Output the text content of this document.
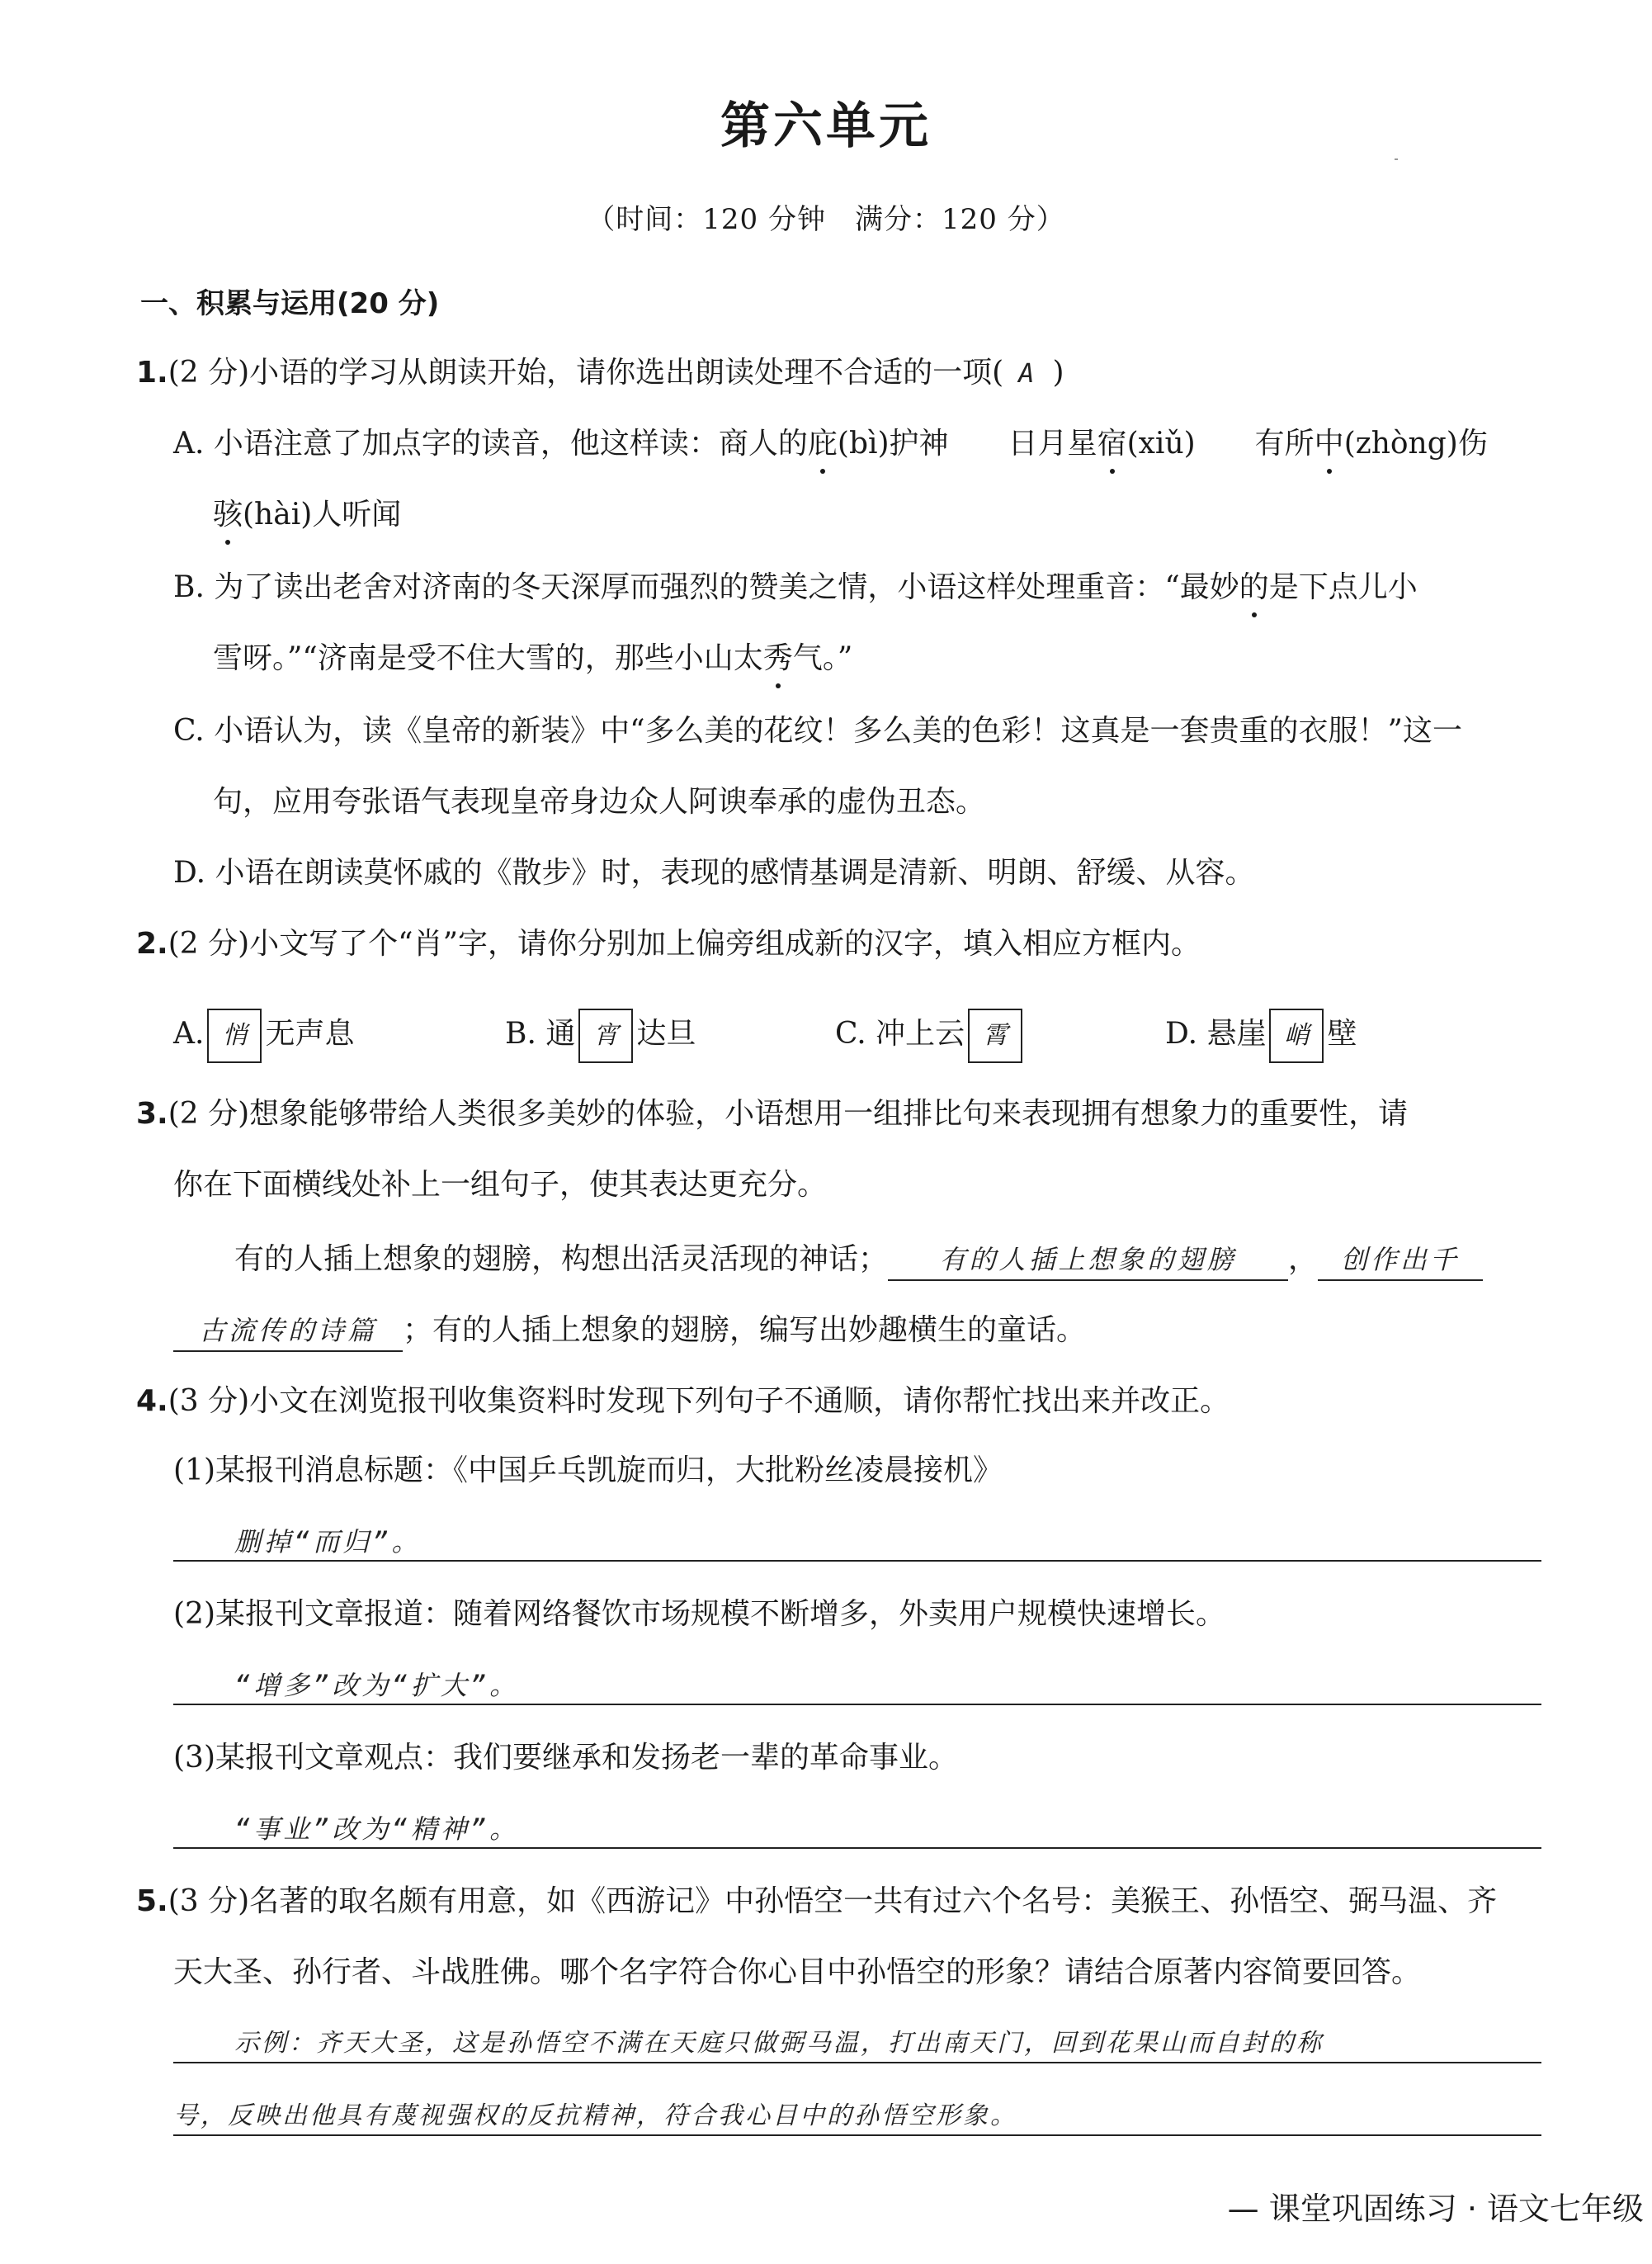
第六单元
（时间：120 分钟　满分：120 分）
一、积累与运用(20 分)
1.(2 分)小语的学习从朗读开始，请你选出朗读处理不合适的一项( A )
A. 小语注意了加点字的读音，他这样读：商人的庇(bì)护神　　日月星宿(xiǔ)　　有所中(zhòng)伤
骇(hài)人听闻
B. 为了读出老舍对济南的冬天深厚而强烈的赞美之情，小语这样处理重音：“最妙的是下点儿小
雪呀。”“济南是受不住大雪的，那些小山太秀气。”
C. 小语认为，读《皇帝的新装》中“多么美的花纹！多么美的色彩！这真是一套贵重的衣服！”这一
句，应用夸张语气表现皇帝身边众人阿谀奉承的虚伪丑态。
D. 小语在朗读莫怀戚的《散步》时，表现的感情基调是清新、明朗、舒缓、从容。
2.(2 分)小文写了个“肖”字，请你分别加上偏旁组成新的汉字，填入相应方框内。
A. 悄 无声息	B. 通 宵 达旦	C. 冲上云 霄	D. 悬崖 峭 壁
3.(2 分)想象能够带给人类很多美妙的体验，小语想用一组排比句来表现拥有想象力的重要性，请
你在下面横线处补上一组句子，使其表达更充分。
有的人插上想象的翅膀，构想出活灵活现的神话； 有的人插上想象的翅膀 ， 创作出千
古流传的诗篇 ；有的人插上想象的翅膀，编写出妙趣横生的童话。
4.(3 分)小文在浏览报刊收集资料时发现下列句子不通顺，请你帮忙找出来并改正。
(1)某报刊消息标题：《中国乒乓凯旋而归，大批粉丝凌晨接机》
删掉“而归”。
(2)某报刊文章报道：随着网络餐饮市场规模不断增多，外卖用户规模快速增长。
“增多”改为“扩大”。
(3)某报刊文章观点：我们要继承和发扬老一辈的革命事业。
“事业”改为“精神”。
5.(3 分)名著的取名颇有用意，如《西游记》中孙悟空一共有过六个名号：美猴王、孙悟空、弼马温、齐
天大圣、孙行者、斗战胜佛。哪个名字符合你心目中孙悟空的形象？请结合原著内容简要回答。
示例：齐天大圣，这是孙悟空不满在天庭只做弼马温，打出南天门，回到花果山而自封的称
号，反映出他具有蔑视强权的反抗精神，符合我心目中的孙悟空形象。
— 课堂巩固练习 · 语文七年级
